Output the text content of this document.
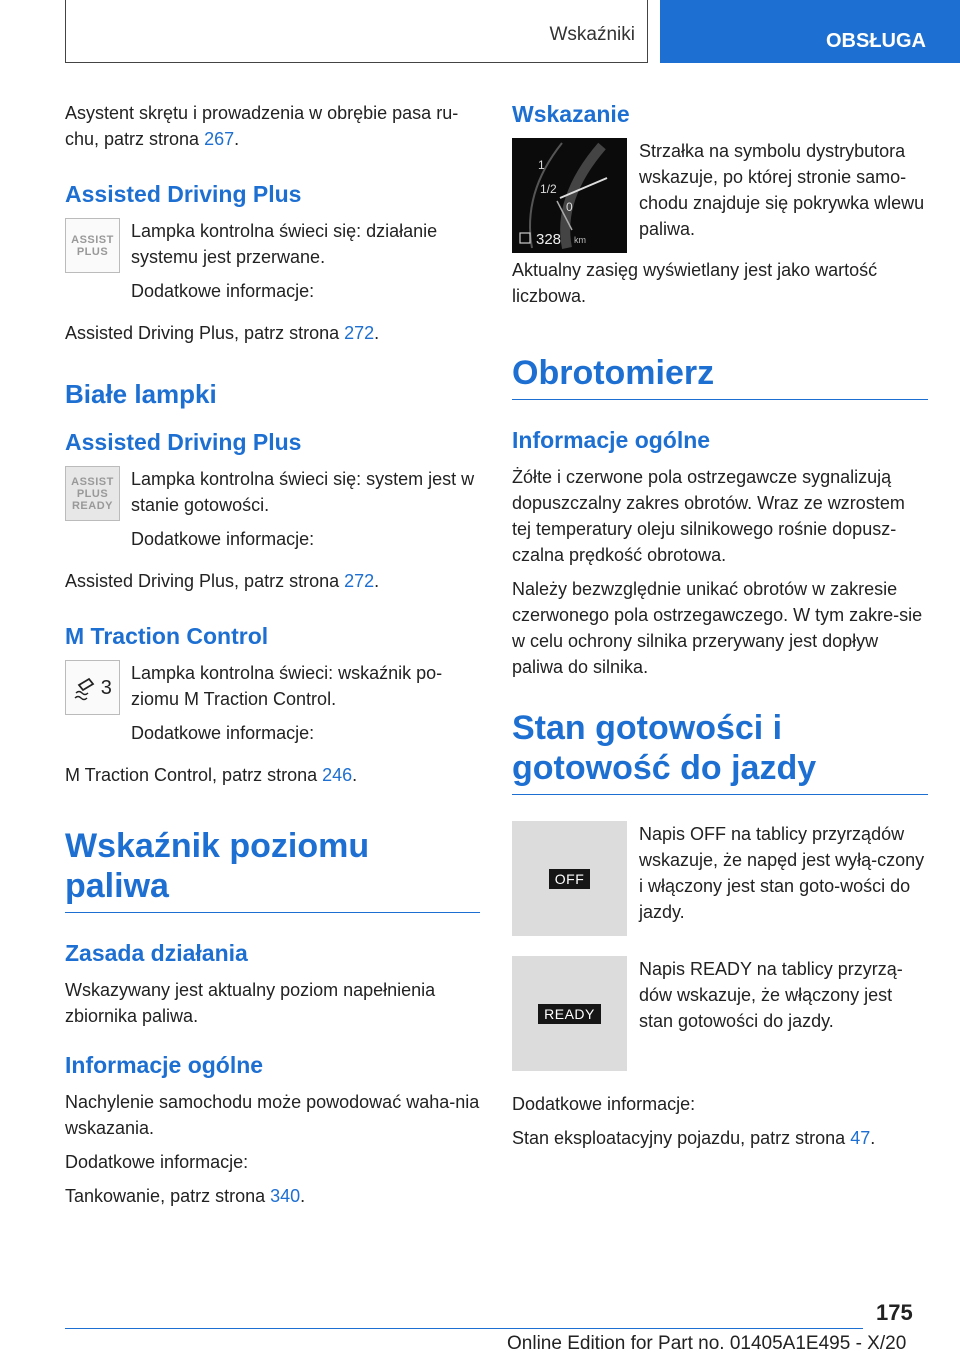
Wskaźniki	OBSŁUGA

Asystent skrętu i prowadzenia w obrębie pasa ru-chu, patrz strona 267.

Assisted Driving Plus
ASSIST
PLUS

Lampka kontrolna świeci się: działanie systemu jest przerwane.

Dodatkowe informacje:

Assisted Driving Plus, patrz strona 272.

Białe lampki
Assisted Driving Plus
ASSIST
PLUS
READY

Lampka kontrolna świeci się: system jest w stanie gotowości.

Dodatkowe informacje:

Assisted Driving Plus, patrz strona 272.

M Traction Control
3

Lampka kontrolna świeci: wskaźnik po-ziomu M Traction Control.

Dodatkowe informacje:

M Traction Control, patrz strona 246.

Wskaźnik poziomu paliwa
Zasada działania

Wskazywany jest aktualny poziom napełnienia zbiornika paliwa.

Informacje ogólne

Nachylenie samochodu może powodować waha-nia wskazania.

Dodatkowe informacje:

Tankowanie, patrz strona 340.

Wskazanie
1
1/2
0
328 km

Strzałka na symbolu dystrybutora wskazuje, po której stronie samo-chodu znajduje się pokrywka wlewu paliwa.

Aktualny zasięg wyświetlany jest jako wartość liczbowa.

Obrotomierz
Informacje ogólne

Żółte i czerwone pola ostrzegawcze sygnalizują dopuszczalny zakres obrotów. Wraz ze wzrostem tej temperatury oleju silnikowego rośnie dopusz-czalna prędkość obrotowa.

Należy bezwzględnie unikać obrotów w zakresie czerwonego pola ostrzegawczego. W tym zakre-sie w celu ochrony silnika przerywany jest dopływ paliwa do silnika.

Stan gotowości i gotowość do jazdy
OFF

Napis OFF na tablicy przyrządów wskazuje, że napęd jest wyłą-czony i włączony jest stan goto-wości do jazdy.

READY

Napis READY na tablicy przyrzą-dów wskazuje, że włączony jest stan gotowości do jazdy.

Dodatkowe informacje:

Stan eksploatacyjny pojazdu, patrz strona 47.

175
Online Edition for Part no. 01405A1E495 - X/20
